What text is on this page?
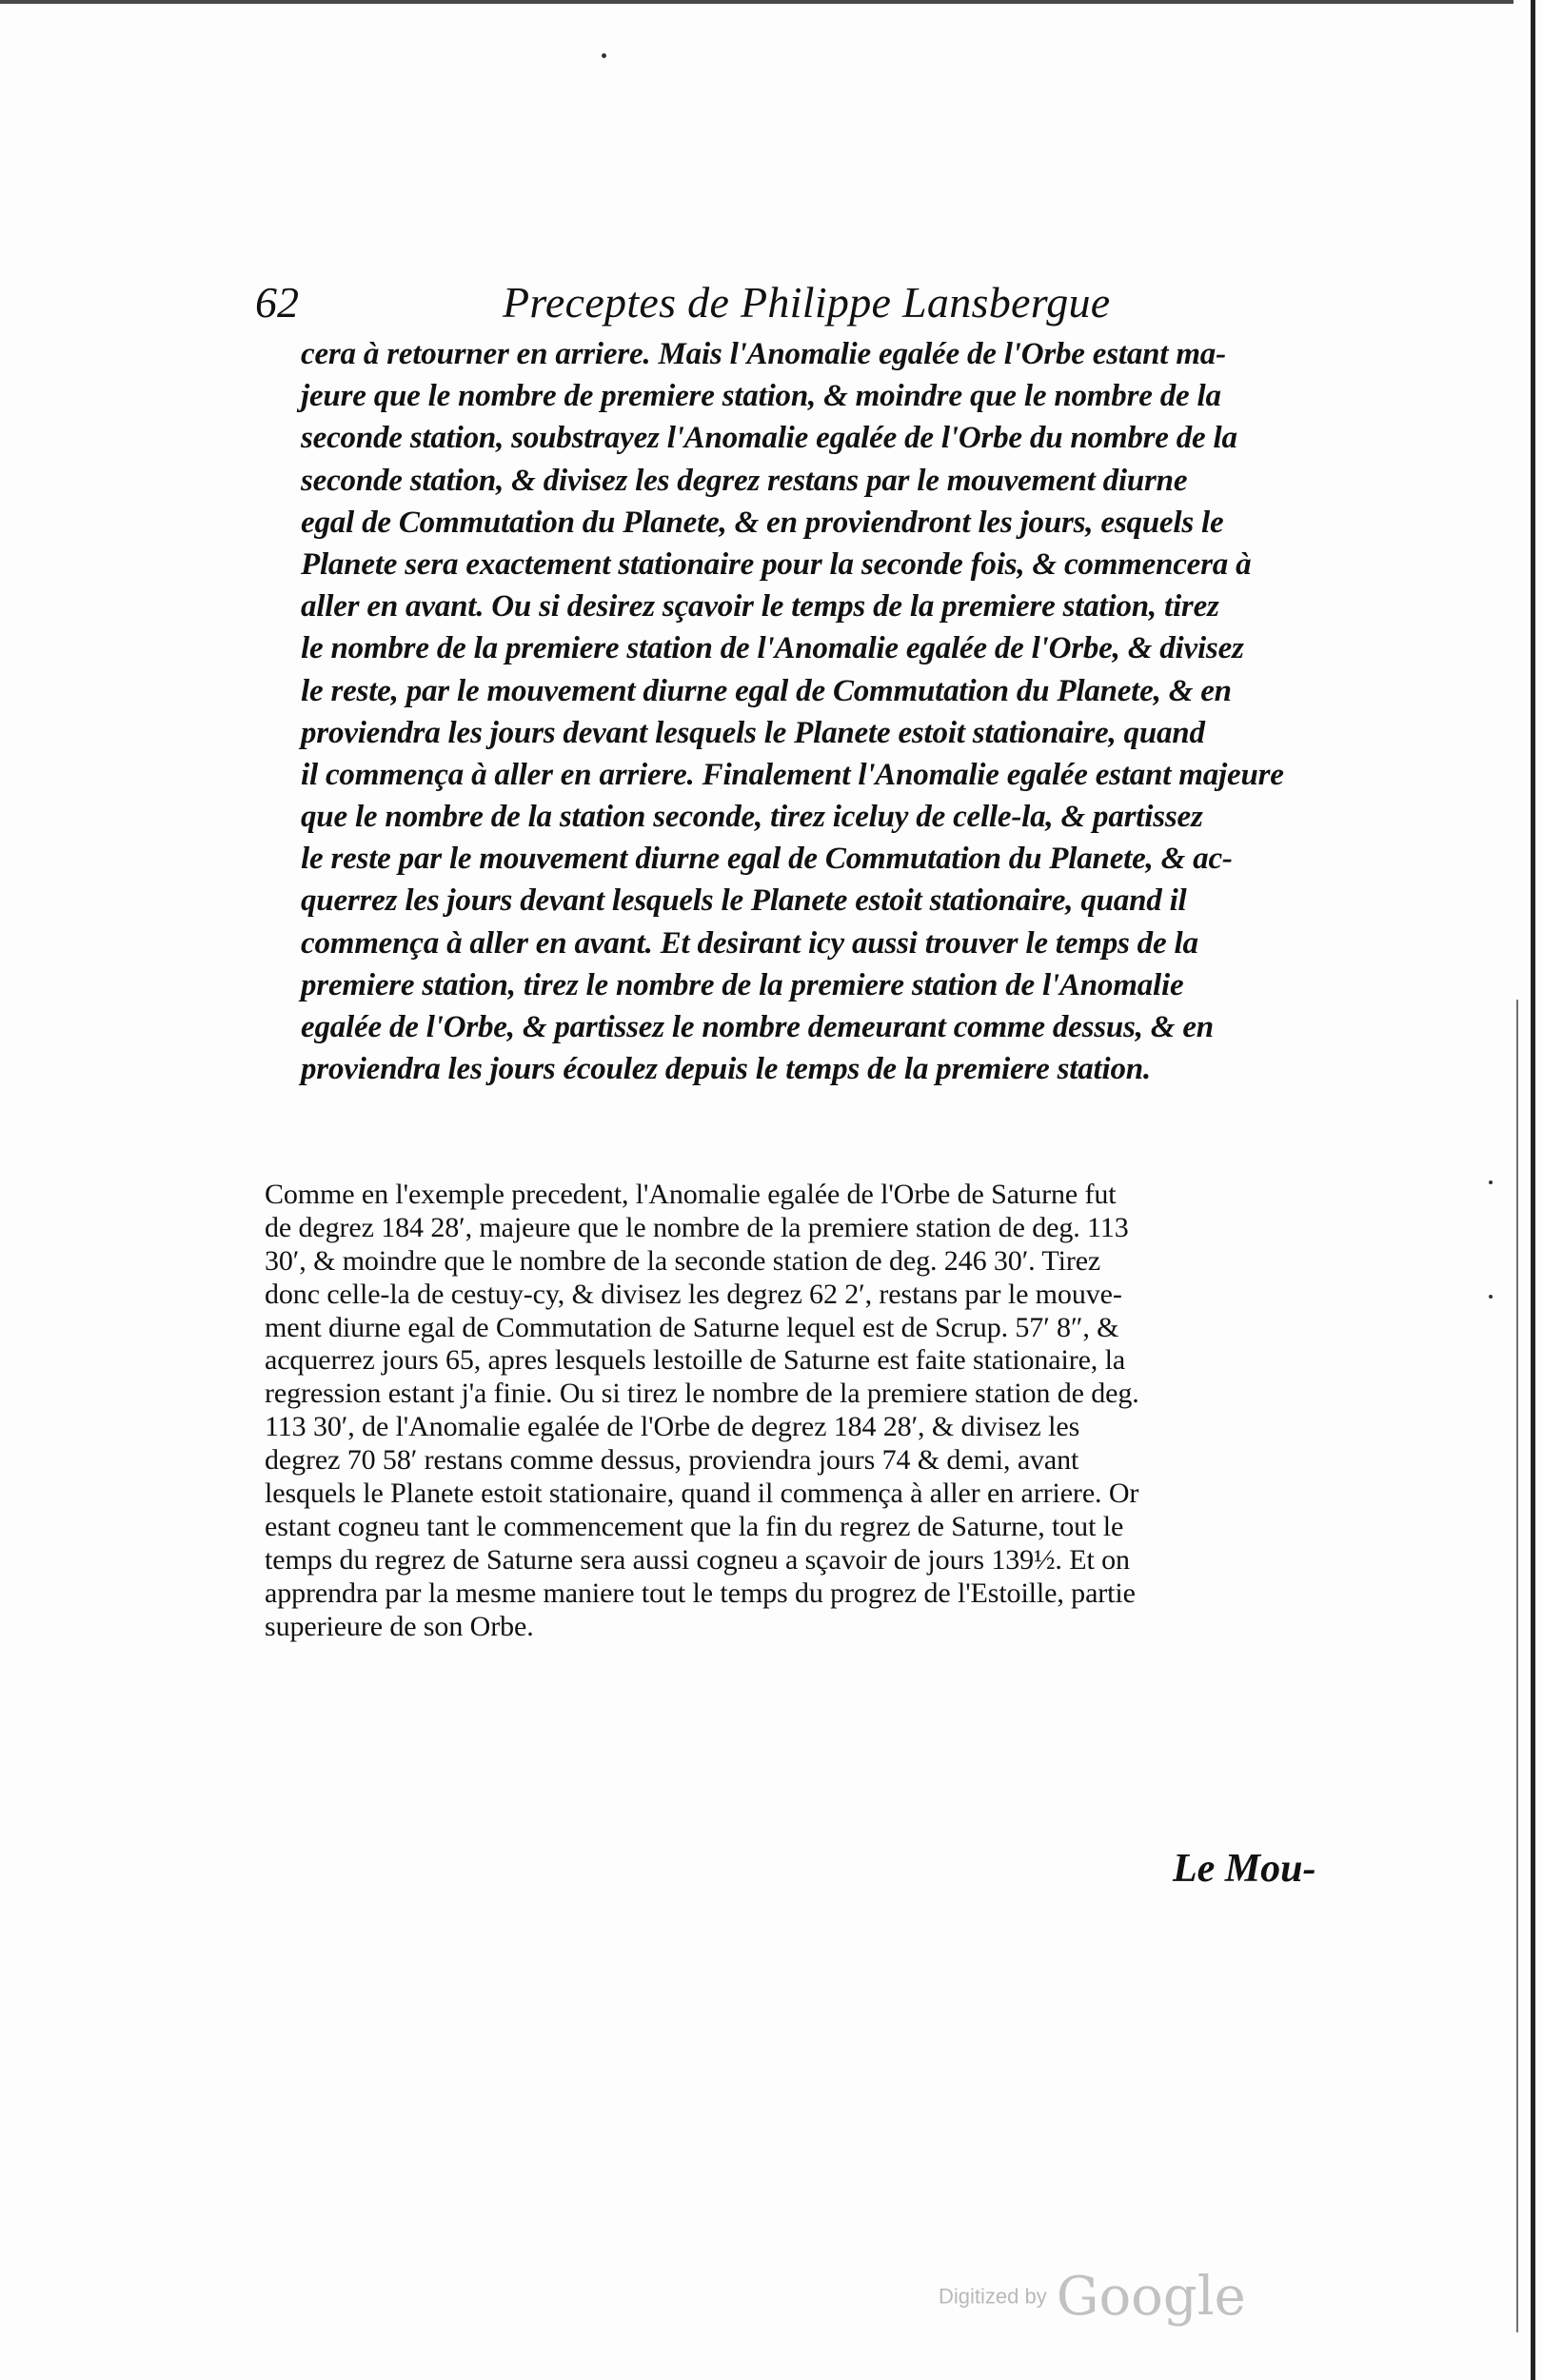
62	Preceptes de Philippe Lansbergue
cera à retourner en arriere. Mais l'Anomalie egalée de l'Orbe estant ma-
jeure que le nombre de premiere station, & moindre que le nombre de la
seconde station, soubstrayez l'Anomalie egalée de l'Orbe du nombre de la
seconde station, & divisez les degrez restans par le mouvement diurne
egal de Commutation du Planete, & en proviendront les jours, esquels le
Planete sera exactement stationaire pour la seconde fois, & commencera à
aller en avant. Ou si desirez sçavoir le temps de la premiere station, tirez
le nombre de la premiere station de l'Anomalie egalée de l'Orbe, & divisez
le reste, par le mouvement diurne egal de Commutation du Planete, & en
proviendra les jours devant lesquels le Planete estoit stationaire, quand
il commença à aller en arriere. Finalement l'Anomalie egalée estant majeure
que le nombre de la station seconde, tirez iceluy de celle-la, & partissez
le reste par le mouvement diurne egal de Commutation du Planete, & ac-
querrez les jours devant lesquels le Planete estoit stationaire, quand il
commença à aller en avant. Et desirant icy aussi trouver le temps de la
premiere station, tirez le nombre de la premiere station de l'Anomalie
egalée de l'Orbe, & partissez le nombre demeurant comme dessus, & en
proviendra les jours écoulez depuis le temps de la premiere station.
Comme en l'exemple precedent, l'Anomalie egalée de l'Orbe de Saturne fut
de degrez 184 28′, majeure que le nombre de la premiere station de deg. 113
30′, & moindre que le nombre de la seconde station de deg. 246 30′. Tirez
donc celle-la de cestuy-cy, & divisez les degrez 62 2′, restans par le mouve-
ment diurne egal de Commutation de Saturne lequel est de Scrup. 57′ 8″, &
acquerrez jours 65, apres lesquels lestoille de Saturne est faite stationaire, la
regression estant j'a finie. Ou si tirez le nombre de la premiere station de deg.
113 30′, de l'Anomalie egalée de l'Orbe de degrez 184 28′, & divisez les
degrez 70 58′ restans comme dessus, proviendra jours 74 & demi, avant
lesquels le Planete estoit stationaire, quand il commença à aller en arriere. Or
estant cogneu tant le commencement que la fin du regrez de Saturne, tout le
temps du regrez de Saturne sera aussi cogneu a sçavoir de jours 139½. Et on
apprendra par la mesme maniere tout le temps du progrez de l'Estoille, partie
superieure de son Orbe.
Le Mou-
Digitized by Google
